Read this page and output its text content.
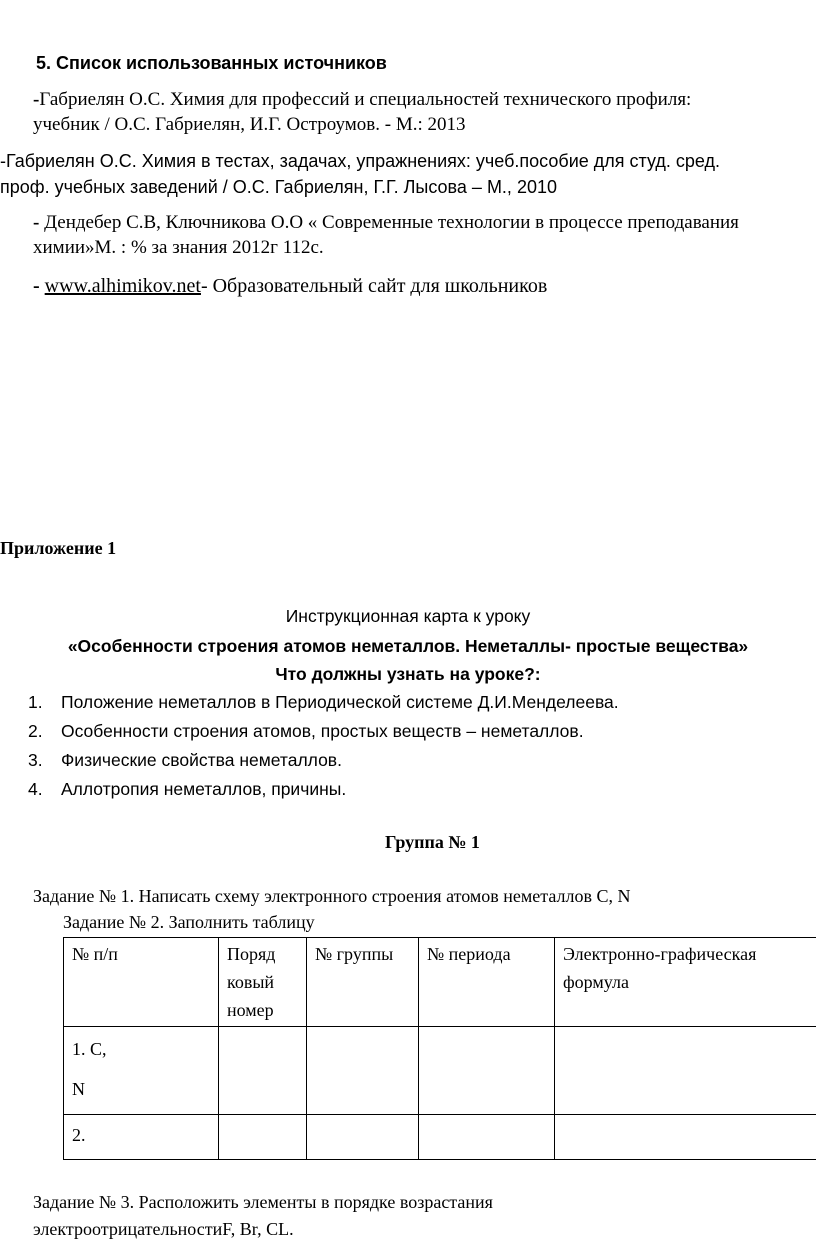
5. Список использованных источников
-Габриелян О.С. Химия для профессий и специальностей технического профиля:
учебник / О.С. Габриелян, И.Г. Остроумов. - М.: 2013
-Габриелян О.С. Химия в тестах, задачах, упражнениях: учеб.пособие для студ. сред.
проф. учебных заведений / О.С. Габриелян, Г.Г. Лысова – М., 2010
- Дендебер С.В, Ключникова О.О « Современные технологии в процессе преподавания
химии»М. : % за знания 2012г 112с.
- www.alhimikov.net- Образовательный сайт для школьников
Приложение 1
Инструкционная карта к уроку
«Особенности строения атомов неметаллов. Неметаллы- простые вещества»
Что должны узнать на уроке?:
1. Положение неметаллов в Периодической системе Д.И.Менделеева.
2. Особенности строения атомов, простых веществ – неметаллов.
3. Физические свойства неметаллов.
4. Аллотропия неметаллов, причины.
Группа № 1
Задание № 1. Написать схему электронного строения атомов неметаллов С, N
Задание № 2. Заполнить таблицу
№ п/п	Поряд ковый номер	№ группы	№ периода	Электронно-графическая формула

1. С,
N				

2.				
Задание № 3. Расположить элементы в порядке возрастания
электроотрицательностиF, Br, CL.
